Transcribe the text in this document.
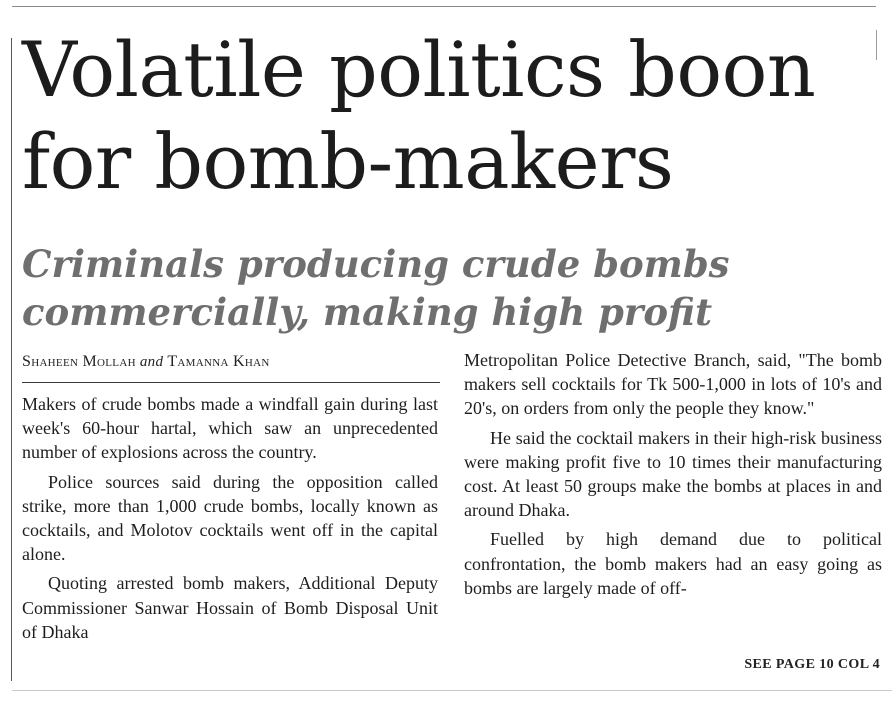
Volatile politics boon
for bomb-makers
Criminals producing crude bombs
commercially, making high profit
Shaheen Mollah and Tamanna Khan

Makers of crude bombs made a windfall gain during last week's 60-hour hartal, which saw an unprecedented number of explosions across the country.

Police sources said during the opposition called strike, more than 1,000 crude bombs, locally known as cocktails, and Molotov cocktails went off in the capital alone.

Quoting arrested bomb makers, Additional Deputy Commissioner Sanwar Hossain of Bomb Disposal Unit of Dhaka

Metropolitan Police Detective Branch, said, "The bomb makers sell cocktails for Tk 500-1,000 in lots of 10's and 20's, on orders from only the people they know."

He said the cocktail makers in their high-risk business were making profit five to 10 times their manufacturing cost. At least 50 groups make the bombs at places in and around Dhaka.

Fuelled by high demand due to political confrontation, the bomb makers had an easy going as bombs are largely made of off-

SEE PAGE 10 COL 4
